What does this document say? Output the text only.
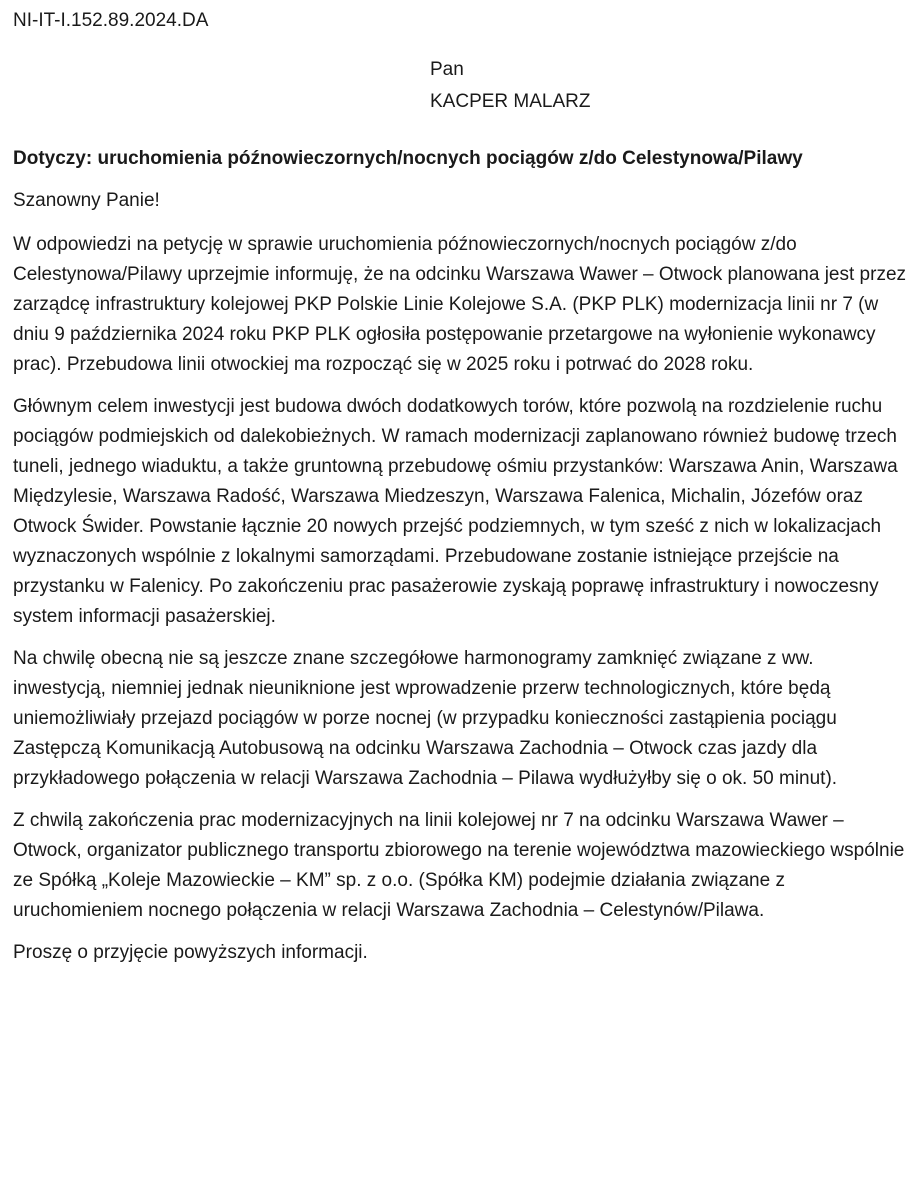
NI-IT-I.152.89.2024.DA
Pan
KACPER MALARZ
Dotyczy: uruchomienia późnowieczornych/nocnych pociągów z/do Celestynowa/Pilawy
Szanowny Panie!

W odpowiedzi na petycję w sprawie uruchomienia późnowieczornych/nocnych pociągów z/do Celestynowa/Pilawy uprzejmie informuję, że na odcinku Warszawa Wawer – Otwock planowana jest przez zarządcę infrastruktury kolejowej PKP Polskie Linie Kolejowe S.A. (PKP PLK) modernizacja linii nr 7 (w dniu 9 października 2024 roku PKP PLK ogłosiła postępowanie przetargowe na wyłonienie wykonawcy prac). Przebudowa linii otwockiej ma rozpocząć się w 2025 roku i potrwać do 2028 roku.

Głównym celem inwestycji jest budowa dwóch dodatkowych torów, które pozwolą na rozdzielenie ruchu pociągów podmiejskich od dalekobieżnych. W ramach modernizacji zaplanowano również budowę trzech tuneli, jednego wiaduktu, a także gruntowną przebudowę ośmiu przystanków: Warszawa Anin, Warszawa Międzylesie, Warszawa Radość, Warszawa Miedzeszyn, Warszawa Falenica, Michalin, Józefów oraz Otwock Świder. Powstanie łącznie 20 nowych przejść podziemnych, w tym sześć z nich w lokalizacjach wyznaczonych wspólnie z lokalnymi samorządami. Przebudowane zostanie istniejące przejście na przystanku w Falenicy. Po zakończeniu prac pasażerowie zyskają poprawę infrastruktury i nowoczesny system informacji pasażerskiej.

Na chwilę obecną nie są jeszcze znane szczegółowe harmonogramy zamknięć związane z ww. inwestycją, niemniej jednak nieuniknione jest wprowadzenie przerw technologicznych, które będą uniemożliwiały przejazd pociągów w porze nocnej (w przypadku konieczności zastąpienia pociągu Zastępczą Komunikacją Autobusową na odcinku Warszawa Zachodnia – Otwock czas jazdy dla przykładowego połączenia w relacji Warszawa Zachodnia – Pilawa wydłużyłby się o ok. 50 minut).

Z chwilą zakończenia prac modernizacyjnych na linii kolejowej nr 7 na odcinku Warszawa Wawer – Otwock, organizator publicznego transportu zbiorowego na terenie województwa mazowieckiego wspólnie ze Spółką „Koleje Mazowieckie – KM” sp. z o.o. (Spółka KM) podejmie działania związane z uruchomieniem nocnego połączenia w relacji Warszawa Zachodnia – Celestynów/Pilawa.

Proszę o przyjęcie powyższych informacji.
